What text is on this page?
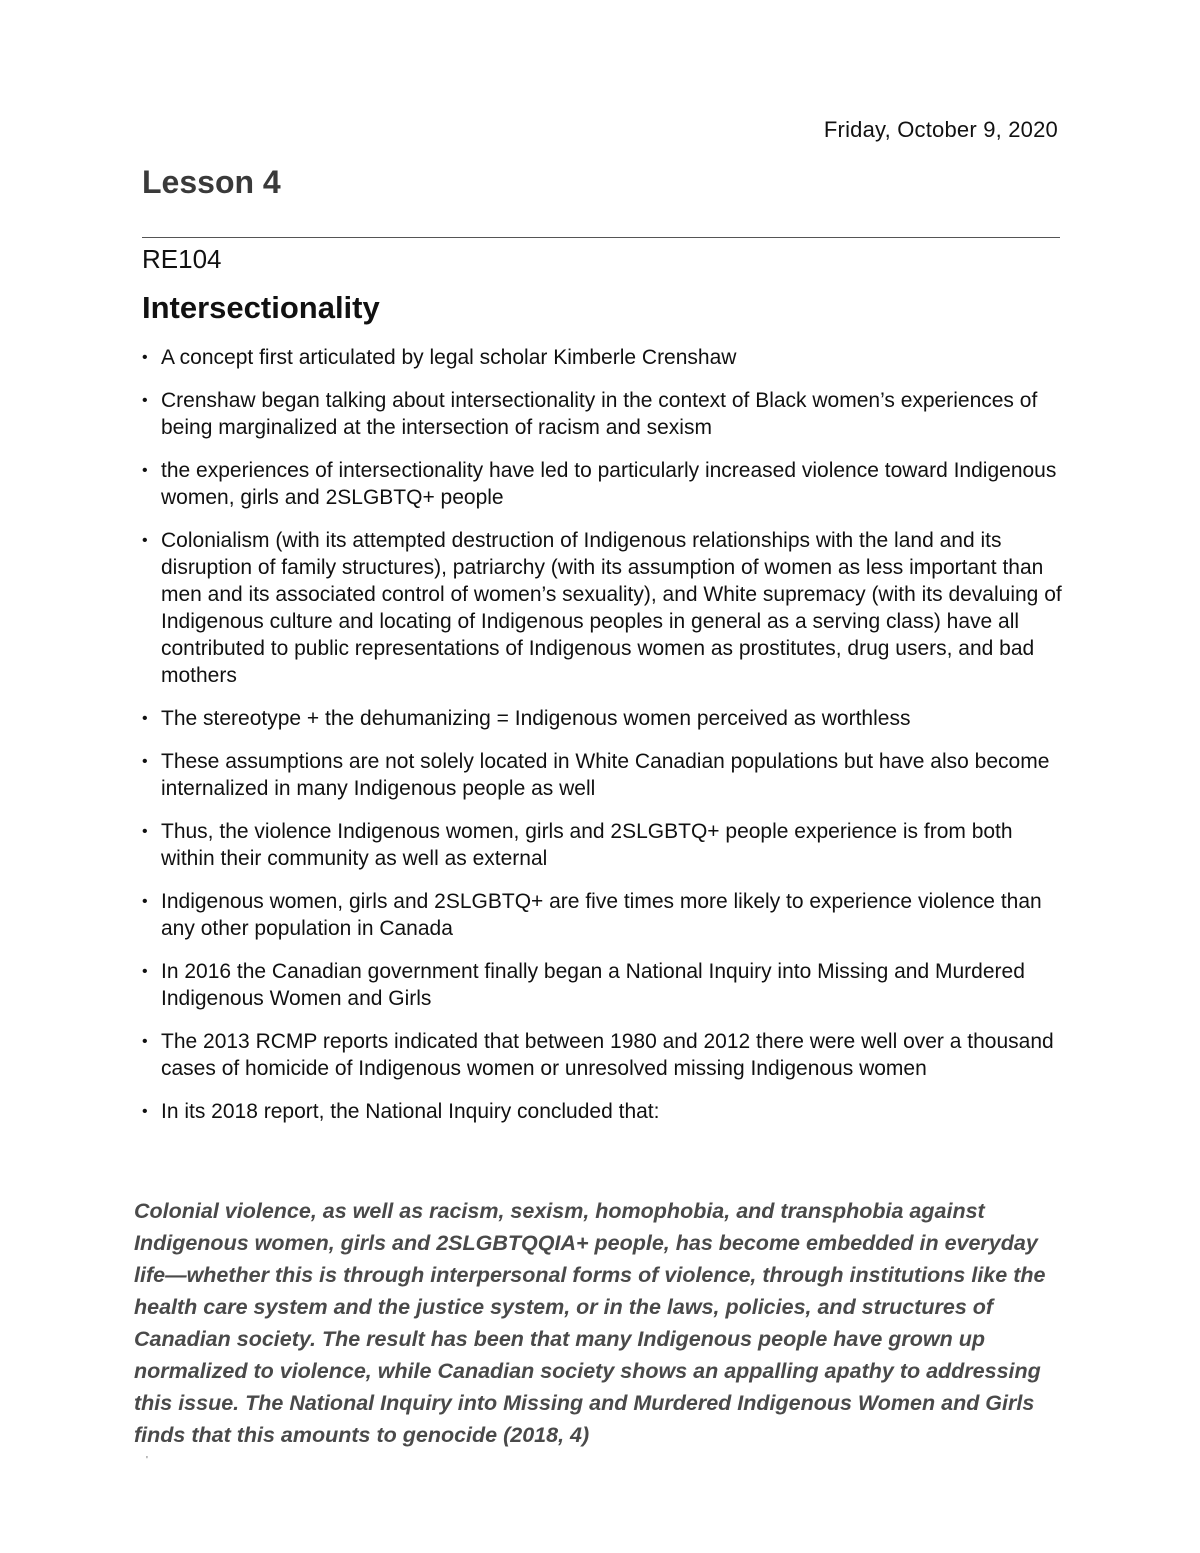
Friday, October 9, 2020
Lesson 4
RE104
Intersectionality
• A concept first articulated by legal scholar Kimberle Crenshaw
• Crenshaw began talking about intersectionality in the context of Black women’s experiences of being marginalized at the intersection of racism and sexism
• the experiences of intersectionality have led to particularly increased violence toward Indigenous women, girls and 2SLGBTQ+ people
• Colonialism (with its attempted destruction of Indigenous relationships with the land and its disruption of family structures), patriarchy (with its assumption of women as less important than men and its associated control of women’s sexuality), and White supremacy (with its devaluing of Indigenous culture and locating of Indigenous peoples in general as a serving class) have all contributed to public representations of Indigenous women as prostitutes, drug users, and bad mothers
• The stereotype + the dehumanizing = Indigenous women perceived as worthless
• These assumptions are not solely located in White Canadian populations but have also become internalized in many Indigenous people as well
• Thus, the violence Indigenous women, girls and 2SLGBTQ+ people experience is from both within their community as well as external
• Indigenous women, girls and 2SLGBTQ+ are five times more likely to experience violence than any other population in Canada
• In 2016 the Canadian government finally began a National Inquiry into Missing and Murdered Indigenous Women and Girls
• The 2013 RCMP reports indicated that between 1980 and 2012 there were well over a thousand cases of homicide of Indigenous women or unresolved missing Indigenous women
• In its 2018 report, the National Inquiry concluded that:

Colonial violence, as well as racism, sexism, homophobia, and transphobia against Indigenous women, girls and 2SLGBTQQIA+ people, has become embedded in everyday life—whether this is through interpersonal forms of violence, through institutions like the health care system and the justice system, or in the laws, policies, and structures of Canadian society. The result has been that many Indigenous people have grown up normalized to violence, while Canadian society shows an appalling apathy to addressing this issue. The National Inquiry into Missing and Murdered Indigenous Women and Girls finds that this amounts to genocide (2018, 4)

'
